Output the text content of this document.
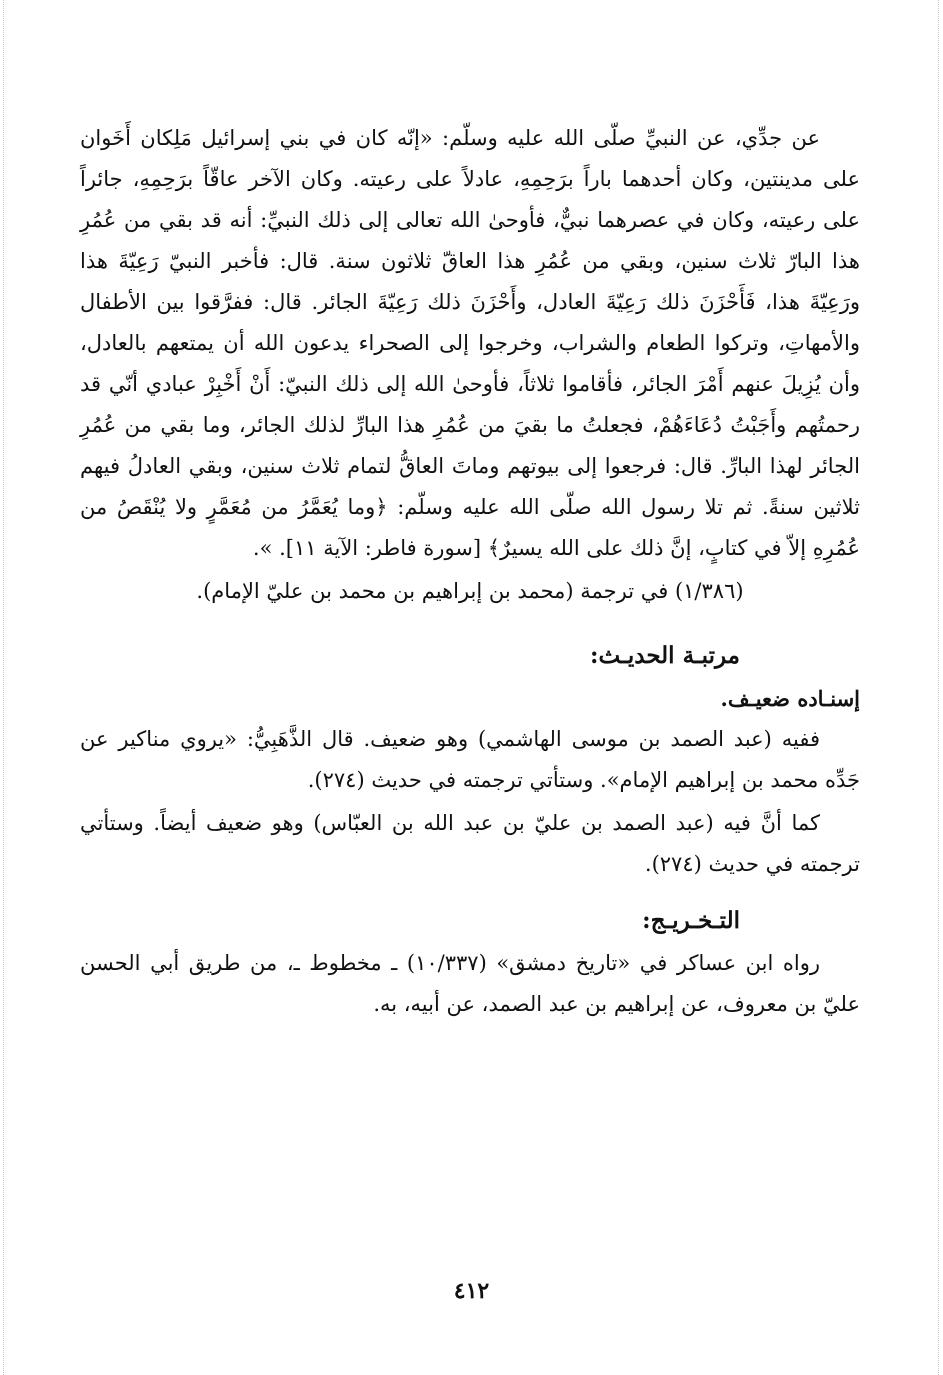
عن جدِّي، عن النبيِّ صلّى الله عليه وسلّم: «إنّه كان في بني إسرائيل مَلِكان أَخَوان على مدينتين، وكان أحدهما باراً برَحِمِهِ، عادلاً على رعيته. وكان الآخر عاقّاً برَحِمِهِ، جائراً على رعيته، وكان في عصرهما نبيٌّ، فأوحىٰ الله تعالى إلى ذلك النبيِّ: أنه قد بقي من عُمُرِ هذا البارّ ثلاث سنين، وبقي من عُمُرِ هذا العاقّ ثلاثون سنة. قال: فأخبر النبيّ رَعِيّةَ هذا ورَعِيّةَ هذا، فَأَحْزَنَ ذلك رَعِيّةَ العادل، وأَحْزَنَ ذلك رَعِيّةَ الجائر. قال: ففرَّقوا بين الأطفال والأمهاتِ، وتركوا الطعام والشراب، وخرجوا إلى الصحراء يدعون الله أن يمتعهم بالعادل، وأن يُزِيلَ عنهم أَمْرَ الجائر، فأقاموا ثلاثاً، فأوحىٰ الله إلى ذلك النبيّ: أَنْ أَخْبِرْ عبادي أنّي قد رحمتُهم وأَجَبْتُ دُعَاءَهُمْ، فجعلتُ ما بقيَ من عُمُرِ هذا البارِّ لذلك الجائر، وما بقي من عُمُرِ الجائر لهذا البارِّ. قال: فرجعوا إلى بيوتهم وماتَ العاقُّ لتمام ثلاث سنين، وبقي العادلُ فيهم ثلاثين سنةً. ثم تلا رسول الله صلّى الله عليه وسلّم: ﴿وما يُعَمَّرُ من مُعَمَّرٍ ولا يُنْقَصُ من عُمُرِهِ إلاّ في كتابٍ، إنَّ ذلك على الله يسيرٌ﴾ [سورة فاطر: الآية ١١]. ».

(١/٣٨٦) في ترجمة (محمد بن إبراهيم بن محمد بن عليّ الإمام).

مرتبـة الحديـث:

إسنـاده ضعيـف.

ففيه (عبد الصمد بن موسى الهاشمي) وهو ضعيف. قال الذَّهَبِيُّ: «يروي مناكير عن جَدِّه محمد بن إبراهيم الإمام». وستأتي ترجمته في حديث (٢٧٤).

كما أنَّ فيه (عبد الصمد بن عليّ بن عبد الله بن العبّاس) وهو ضعيف أيضاً. وستأتي ترجمته في حديث (٢٧٤).

التـخـريـج:

رواه ابن عساكر في «تاريخ دمشق» (١٠/٣٣٧) ـ مخطوط ـ، من طريق أبي الحسن عليّ بن معروف، عن إبراهيم بن عبد الصمد، عن أبيه، به.

٤١٢
